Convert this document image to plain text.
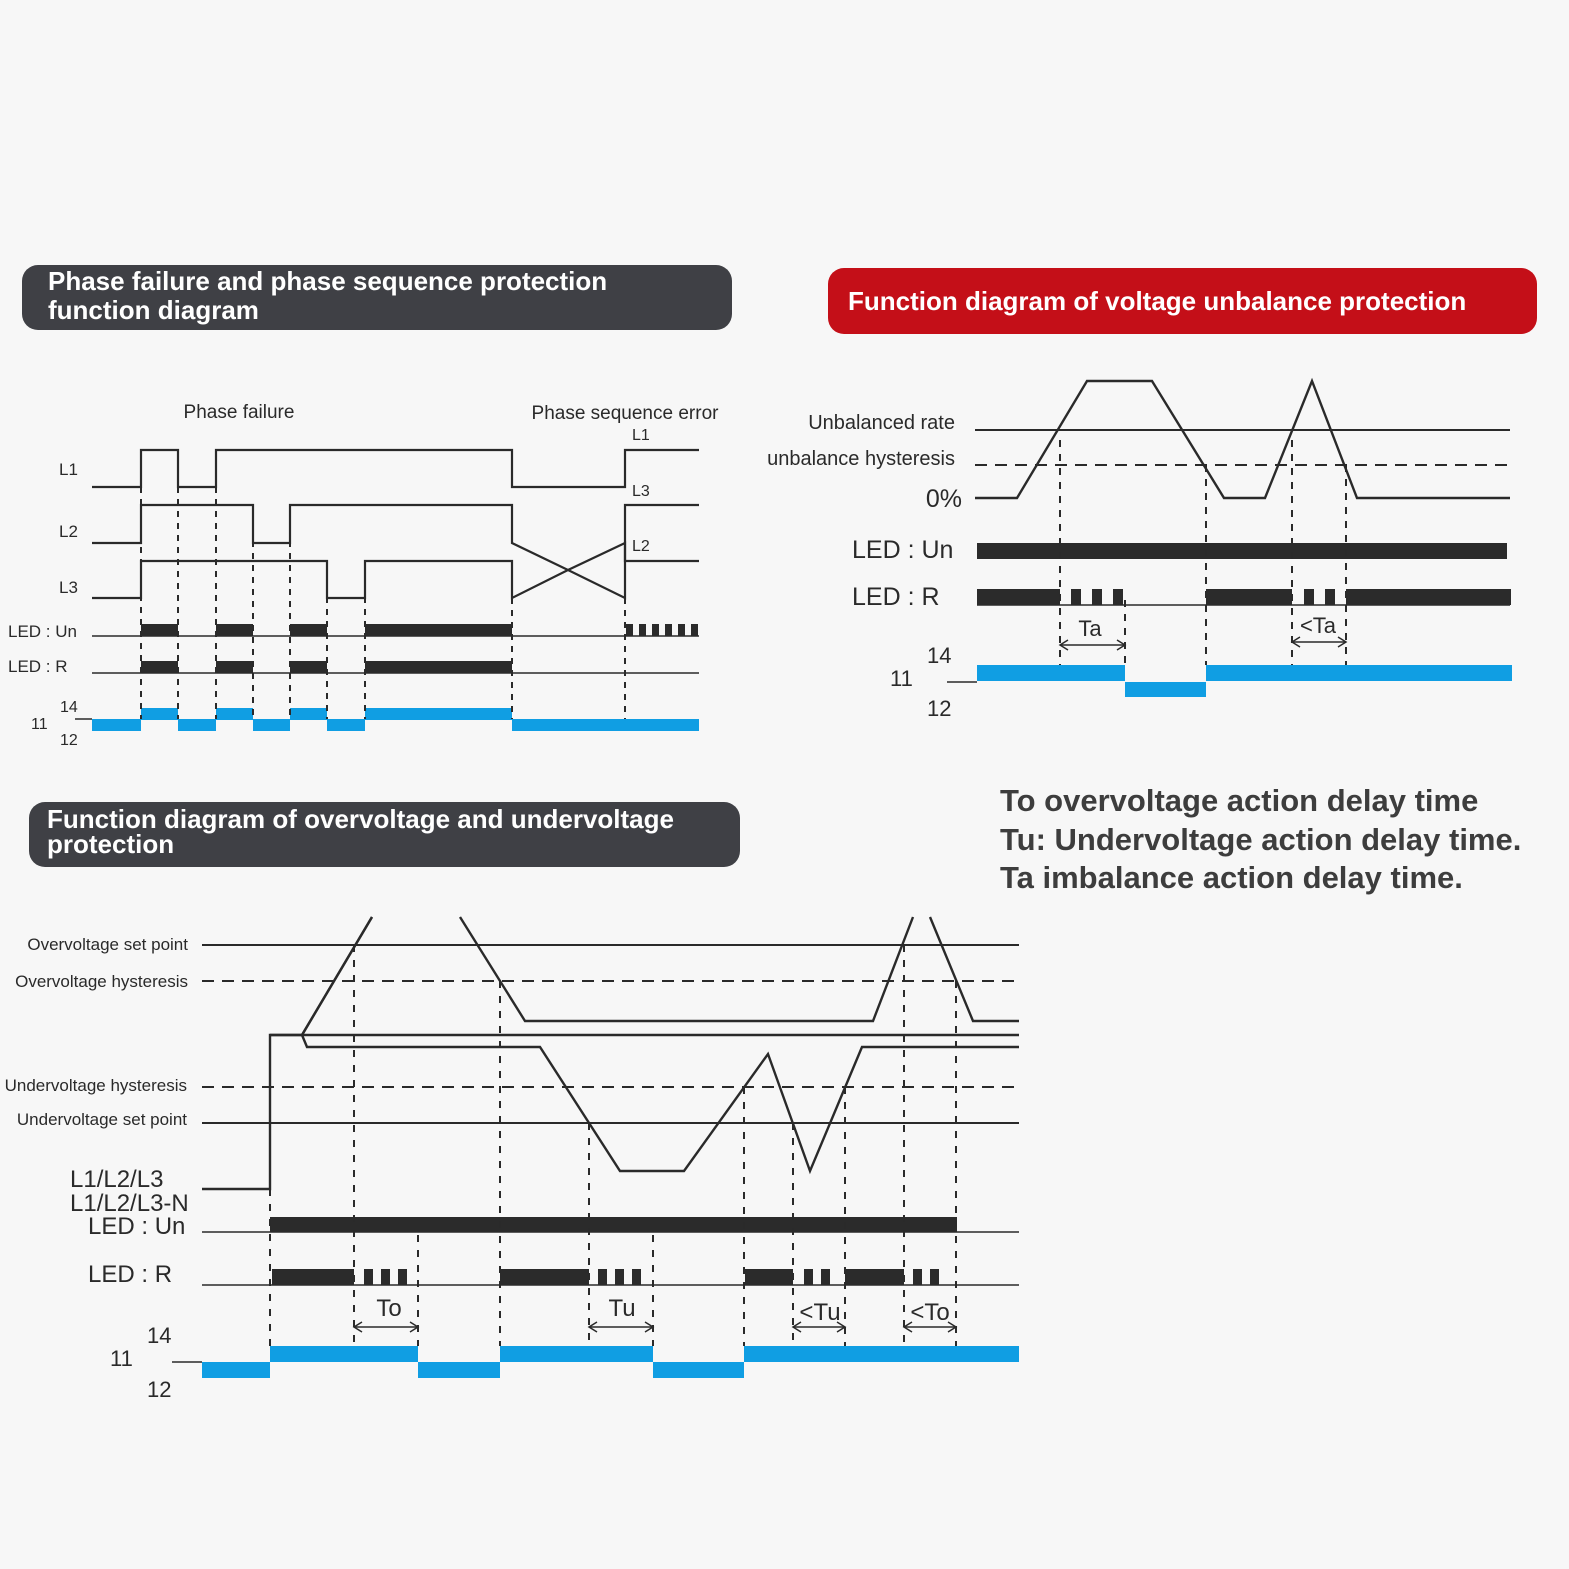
Phase failure and phase sequence protection function diagram	Function diagram of voltage unbalance protection
Function diagram of overvoltage and undervoltage protection
To overvoltage action delay time
Tu: Undervoltage action delay time.
Ta imbalance action delay time.
Phase failure	Phase sequence error
L1
L2
L3
LED : Un
LED : R
14
11
12
L1
L3
L2
Unbalanced rate
unbalance hysteresis
0%
LED : Un
LED : R
14
11
12
Ta	<Ta
Overvoltage set point
Overvoltage hysteresis
Undervoltage hysteresis
Undervoltage set point
L1/L2/L3
L1/L2/L3-N
LED : Un
LED : R
14
11
12
To	Tu	<Tu	<To
